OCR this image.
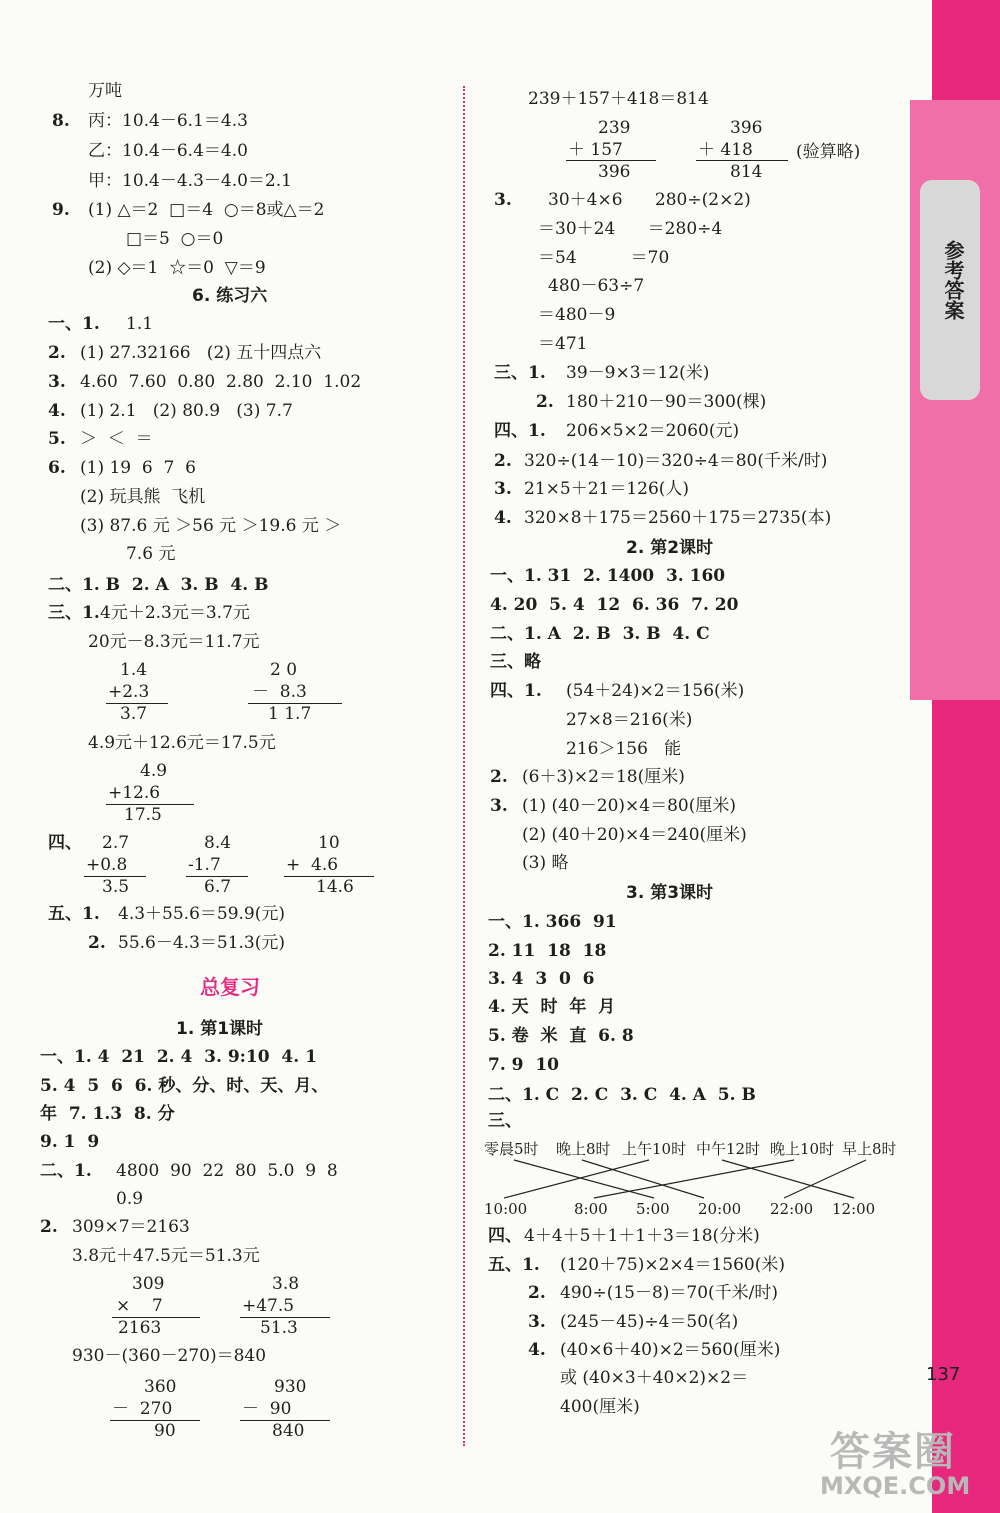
参考答案
137
万吨
8. 丙：10.4－6.1＝4.3
乙：10.4－6.4＝4.0
甲：10.4－4.3－4.0＝2.1
9. (1) △＝2  □＝4  ○＝8或△＝2
□＝5  ○＝0
(2) ◇＝1  ☆＝0  ▽＝9
6. 练习六
一、1. 1.1
2. (1) 27.32166   (2) 五十四点六
3. 4.60  7.60  0.80  2.80  2.10  1.02
4. (1) 2.1   (2) 80.9   (3) 7.7
5. ＞  ＜  ＝
6. (1) 19  6  7  6
(2) 玩具熊  飞机
(3) 87.6 元 ＞56 元 ＞19.6 元 ＞
7.6 元
二、1. B  2. A  3. B  4. B
三、1. 4元＋2.3元＝3.7元
20元－8.3元＝11.7元
1.4
+2.3
3.7
2 0
－  8.3
1 1.7
4.9元＋12.6元＝17.5元
4.9
+12.6
17.5
四、 2.7
+0.8
3.5
8.4
-1.7
6.7
10
+  4.6
14.6
五、1. 4.3＋55.6＝59.9(元)
2. 55.6－4.3＝51.3(元)
总复习
1. 第1课时
一、1. 4  21  2. 4  3. 9:10  4. 1
5. 4  5  6  6. 秒、分、时、天、月、
年  7. 1.3  8. 分
9. 1  9
二、1. 4800  90  22  80  5.0  9  8
0.9
2. 309×7＝2163
3.8元＋47.5元＝51.3元
309
×    7
2163
3.8
+47.5
51.3
930－(360－270)＝840
360
－  270
90
930
－  90
840
239＋157＋418＝814
239
＋ 157
396
396
＋ 418
814
(验算略)
3. 30＋4×6      280÷(2×2)
＝30＋24      ＝280÷4
＝54          ＝70
480－63÷7
＝480－9
＝471
三、1. 39－9×3＝12(米)
2. 180＋210－90＝300(棵)
四、1. 206×5×2＝2060(元)
2. 320÷(14－10)＝320÷4＝80(千米/时)
3. 21×5＋21＝126(人)
4. 320×8＋175＝2560＋175＝2735(本)
2. 第2课时
一、1. 31  2. 1400  3. 160
4. 20  5. 4  12  6. 36  7. 20
二、1. A  2. B  3. B  4. C
三、略
四、1. (54＋24)×2＝156(米)
27×8＝216(米)
216＞156   能
2. (6＋3)×2＝18(厘米)
3. (1) (40－20)×4＝80(厘米)
(2) (40＋20)×4＝240(厘米)
(3) 略
3. 第3课时
一、1. 366  91
2. 11  18  18
3. 4  3  0  6
4. 天  时  年  月
5. 卷  米  直  6. 8
7. 9  10
二、1. C  2. C  3. C  4. A  5. B
三、
零晨5时 晚上8时 上午10时 中午12时 晚上10时 早上8时
10:00	8:00 5:00 20:00 22:00 12:00
四、 4＋4＋5＋1＋1＋3＝18(分米)
五、1. (120＋75)×2×4＝1560(米)
2. 490÷(15－8)＝70(千米/时)
3. (245－45)÷4＝50(名)
4. (40×6＋40)×2＝560(厘米)
或 (40×3＋40×2)×2＝
400(厘米)
答案圈
MXQE.COM
